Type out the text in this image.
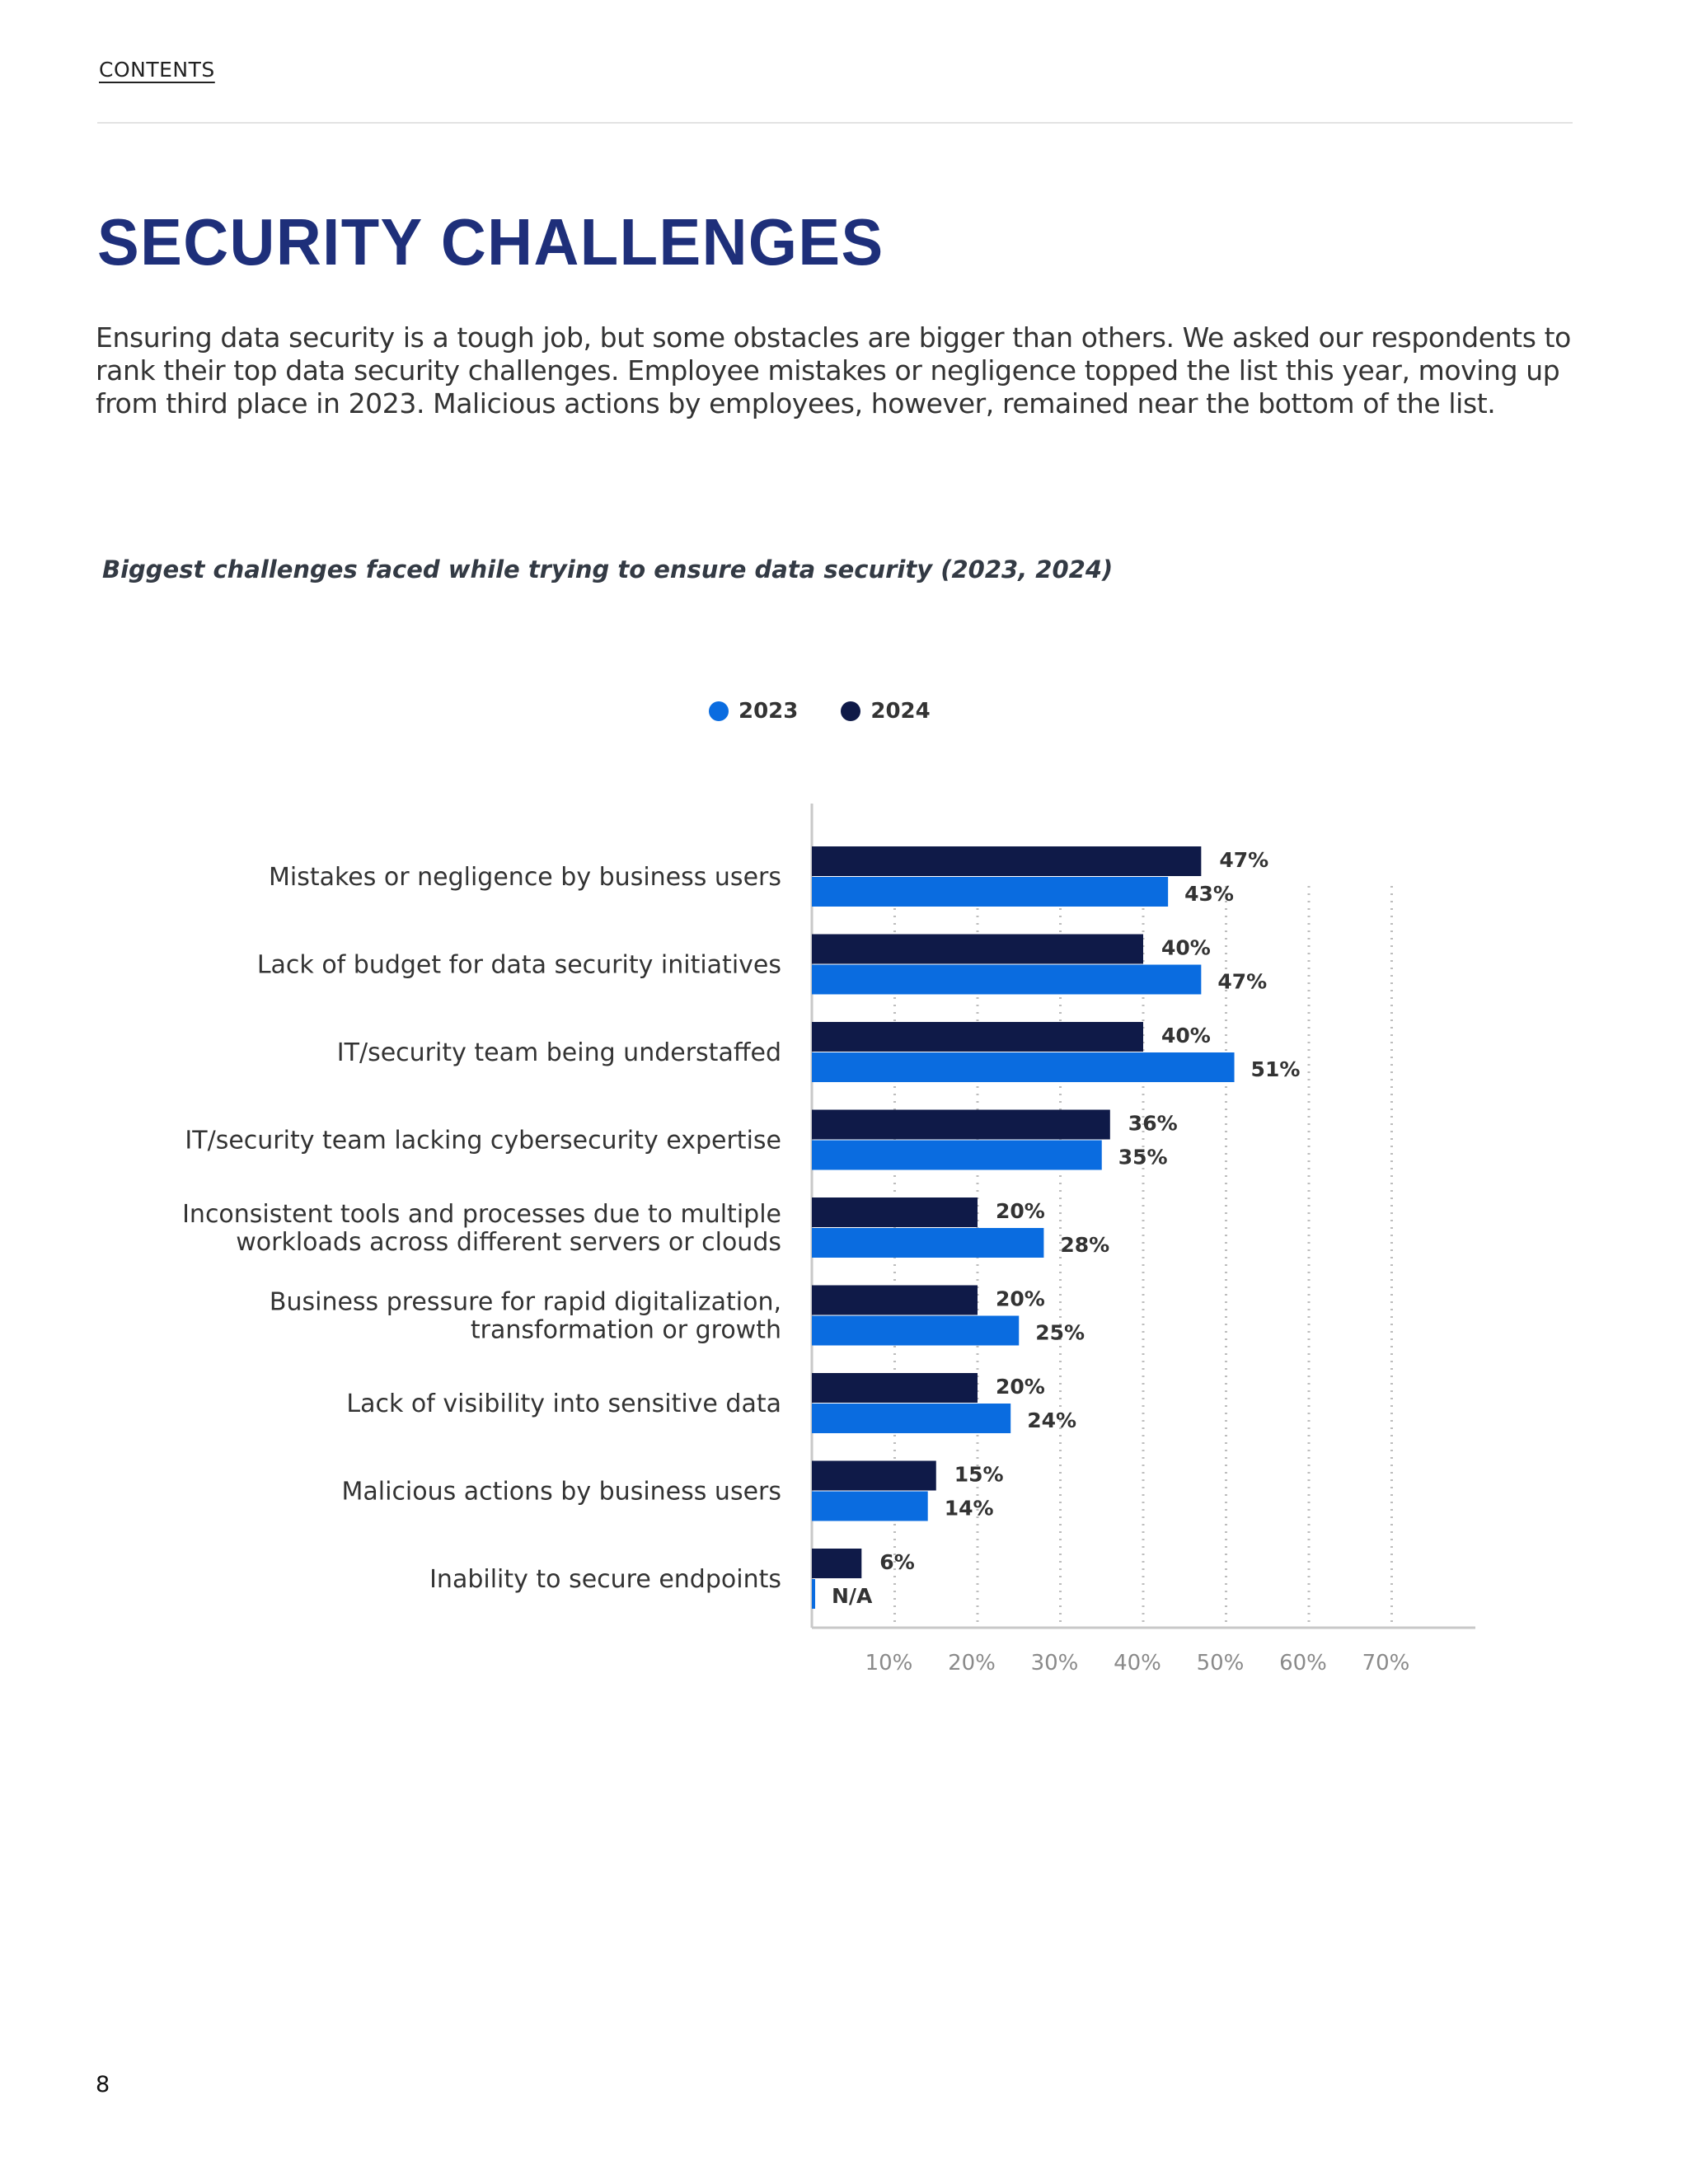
CONTENTS
SECURITY CHALLENGES

Ensuring data security is a tough job, but some obstacles are bigger than others. We asked our respondents to rank their top data security challenges. Employee mistakes or negligence topped the list this year, moving up from third place in 2023. Malicious actions by employees, however, remained near the bottom of the list.

Biggest challenges faced while trying to ensure data security (2023, 2024)

2023	2024
10% 20% 30% 40% 50% 60% 70%
47%
43%
Mistakes or negligence by business users
40%
47%
Lack of budget for data security initiatives
40%
51%
IT/security team being understaffed
36%
35%
IT/security team lacking cybersecurity expertise
20%
28%
Inconsistent tools and processes due to multiple
workloads across different servers or clouds
20%
25%
Business pressure for rapid digitalization,
transformation or growth
20%
24%
Lack of visibility into sensitive data
15%
14%
Malicious actions by business users
6%
N/A
Inability to secure endpoints
8
